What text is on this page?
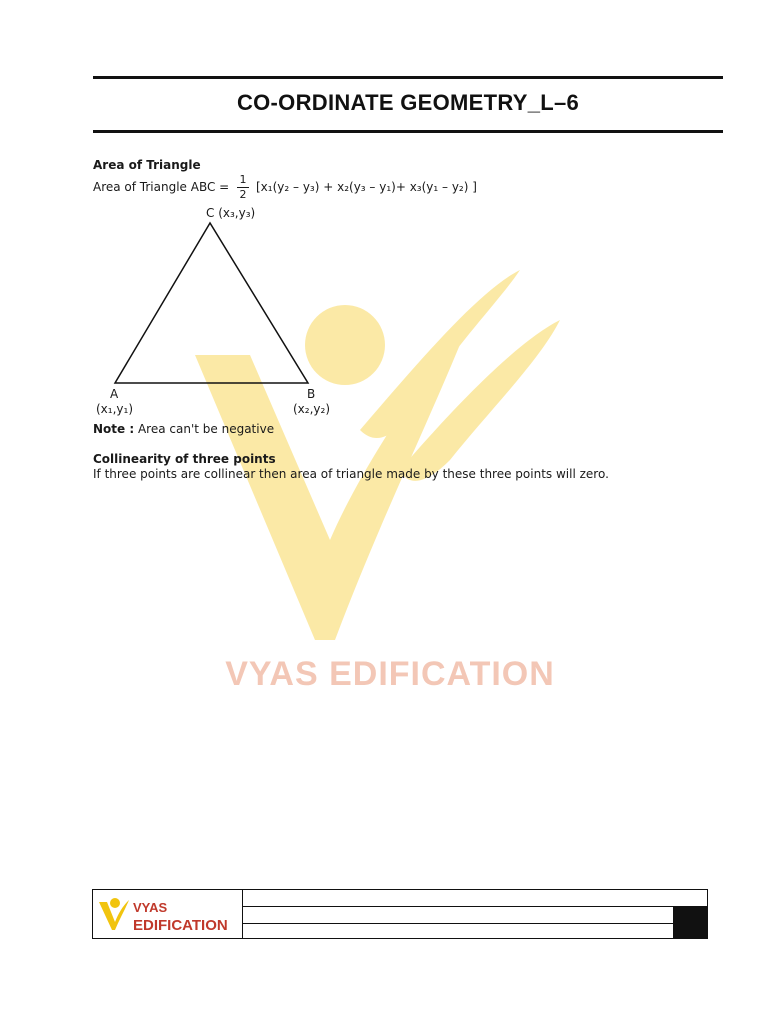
VYAS EDIFICATION
CO-ORDINATE GEOMETRY_L–6
Area of Triangle
Area of Triangle ABC =
1
2
[x₁(y₂ – y₃) + x₂(y₃ – y₁)+ x₃(y₁ – y₂) ]
C (x₃,y₃)
A
(x₁,y₁)
B
(x₂,y₂)
Note : Area can't be negative
Collinearity of three points
If three points are collinear then area of triangle made by these three points will zero.
VYAS
EDIFICATION
